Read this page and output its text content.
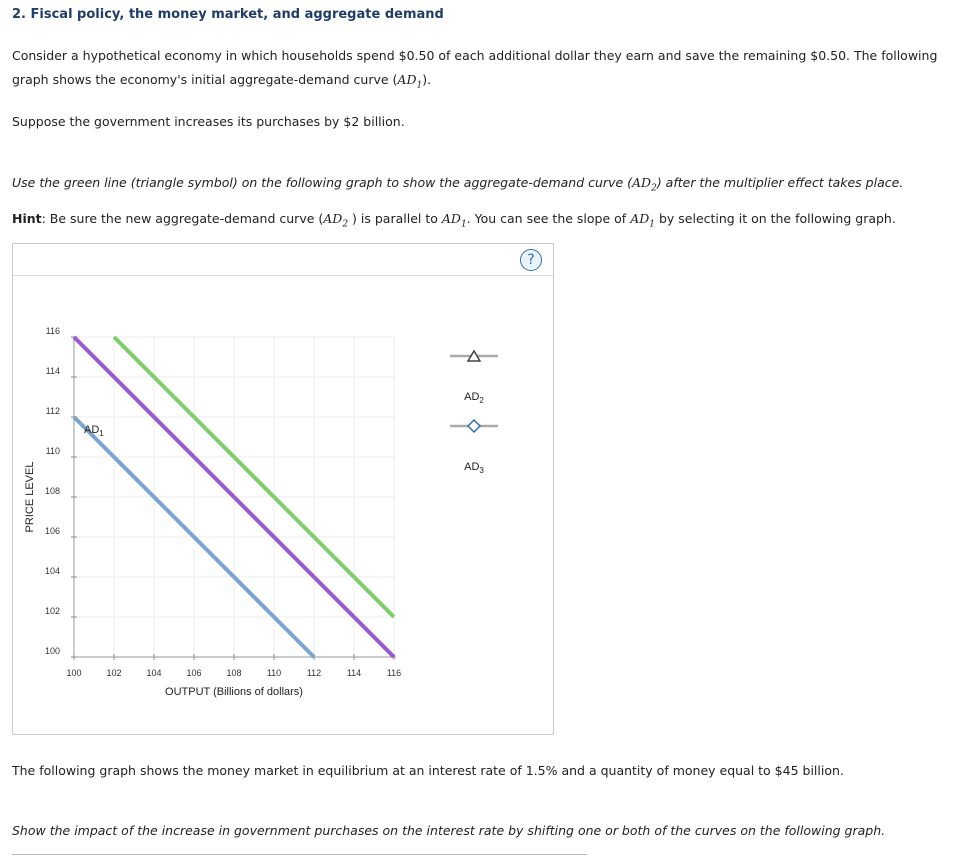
2. Fiscal policy, the money market, and aggregate demand
Consider a hypothetical economy in which households spend $0.50 of each additional dollar they earn and save the remaining $0.50. The following
graph shows the economy's initial aggregate-demand curve $(AD_1)$.
Suppose the government increases its purchases by $2 billion.
Use the green line (triangle symbol) on the following graph to show the aggregate-demand curve $(AD_2)$ after the multiplier effect takes place.
Hint: Be sure the new aggregate-demand curve ($AD_2$ ) is parallel to $AD_1$. You can see the slope of $AD_1$ by selecting it on the following graph.
?
100	102	104	106	108	110	112	114	116
100
102
104
106
108
110
112
114
116
OUTPUT (Billions of dollars)
PRICE LEVEL
$AD_1$
$AD_2$
$AD_3$
The following graph shows the money market in equilibrium at an interest rate of 1.5% and a quantity of money equal to $45 billion.
Show the impact of the increase in government purchases on the interest rate by shifting one or both of the curves on the following graph.
